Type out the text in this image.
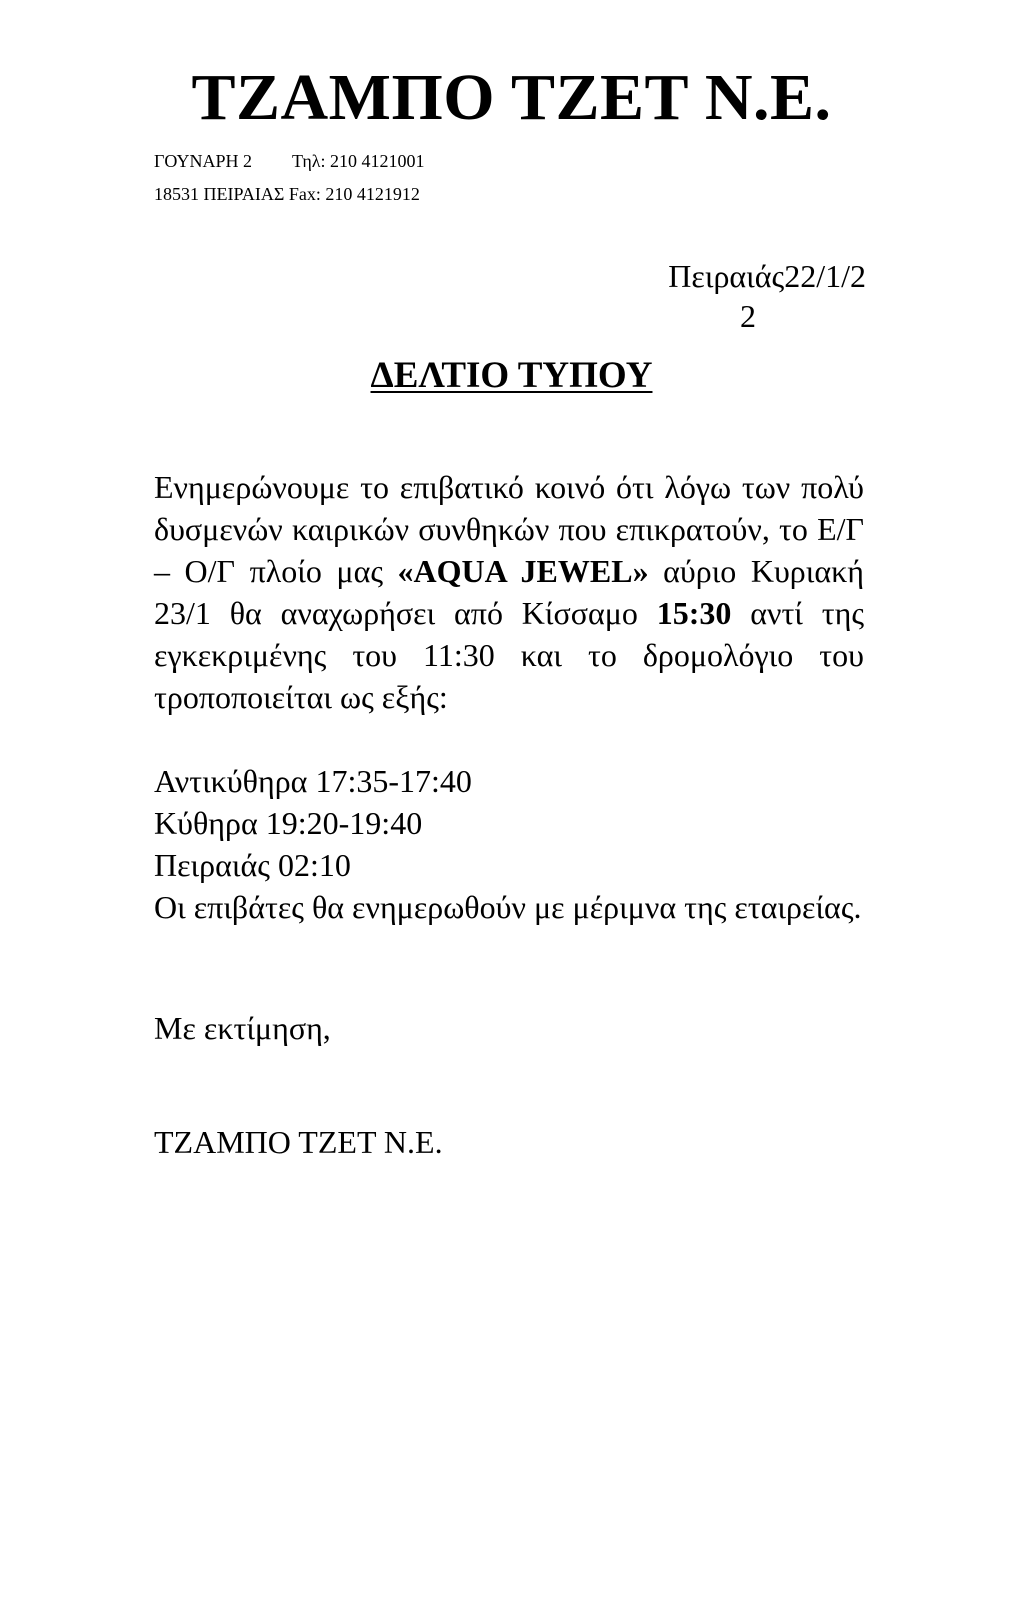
ΤΖΑΜΠΟ ΤΖΕΤ Ν.Ε.
ΓΟΥΝΑΡΗ 2 Τηλ: 210 4121001
18531 ΠΕΙΡΑΙΑΣ Fax: 210 4121912
Πειραιάς22/1/2
2
ΔΕΛΤΙΟ ΤΥΠΟΥ

Ενημερώνουμε το επιβατικό κοινό ότι λόγω των πολύ δυσμενών καιρικών συνθηκών που επικρατούν, το Ε/Γ – Ο/Γ πλοίο μας «AQUA JEWEL» αύριο Κυριακή 23/1 θα αναχωρήσει από Κίσσαμο 15:30 αντί της εγκεκριμένης του 11:30 και το δρομολόγιο του τροποποιείται ως εξής:

Αντικύθηρα 17:35-17:40
Κύθηρα 19:20-19:40
Πειραιάς 02:10

Οι επιβάτες θα ενημερωθούν με μέριμνα της εταιρείας.

Με εκτίμηση,
ΤΖΑΜΠΟ ΤΖΕΤ Ν.Ε.
